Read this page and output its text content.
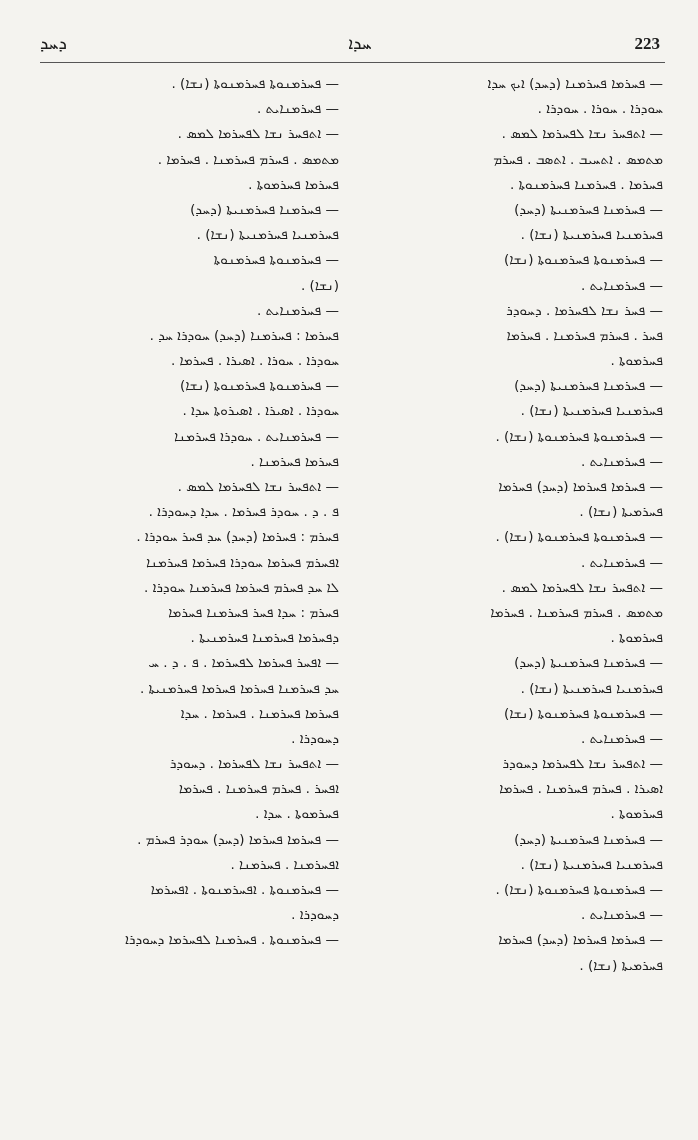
ܕܚܕ	ܚܕܐ	223
— ܦܚܪܡܐ ܦܚܪܡܢܐ (ܕܚܕ) ܐܝܟ ܚܕܐ
ܚܘܕܪܐ . ܚܘܪܐ . ܚܘܕܪܐ .
— ܐܬܦܚܪ ܢܫܐ ܠܦܚܪܡܐ ܠܡܣ .
ܡܬܡܣ . ܐܬܚܝܒ . ܐܬܣܒ . ܦܚܪܡ
ܦܚܪܡܐ . ܦܚܪܡܢܐ ܦܚܪܡܢܘܬܐ .
— ܦܚܪܡܢܐ ܦܚܪܡܢܝܬܐ (ܕܚܕ)
ܦܚܪܡܢܝܐ ܦܚܪܡܢܝܬܐ (ܢܫܐ) .
— ܦܚܪܡܢܘܬܐ ܦܚܪܡܢܘܬܐ (ܢܫܐ)
— ܦܚܪܡܢܐܝܬ .
— ܦܚܪ ܢܫܐ ܠܦܚܪܡܐ . ܕܚܘܕܪ
ܦܚܪ . ܦܚܪܡ ܦܚܪܡܢܐ . ܦܚܪܡܐ
ܦܚܪܡܘܬܐ .
— ܦܚܪܡܢܐ ܦܚܪܡܢܝܬܐ (ܕܚܕ)
ܦܚܪܡܢܝܐ ܦܚܪܡܢܝܬܐ (ܢܫܐ) .
— ܦܚܪܡܢܘܬܐ ܦܚܪܡܢܘܬܐ (ܢܫܐ) .
— ܦܚܪܡܢܐܝܬ .
— ܦܚܪܡܐ ܦܚܪܡܐ (ܕܚܕ) ܦܚܪܡܐ
ܦܚܪܡܝܬܐ (ܢܫܐ) .
— ܦܚܪܡܢܘܬܐ ܦܚܪܡܢܘܬܐ (ܢܫܐ) .
— ܦܚܪܡܢܐܝܬ .
— ܐܬܦܚܪ ܢܫܐ ܠܦܚܪܡܐ ܠܡܣ .
ܡܬܡܣ . ܦܚܪܡ ܦܚܪܡܢܐ . ܦܚܪܡܐ
ܦܚܪܡܘܬܐ .
— ܦܚܪܡܢܐ ܦܚܪܡܢܝܬܐ (ܕܚܕ)
ܦܚܪܡܢܝܐ ܦܚܪܡܢܝܬܐ (ܢܫܐ) .
— ܦܚܪܡܢܘܬܐ ܦܚܪܡܢܘܬܐ (ܢܫܐ)
— ܦܚܪܡܢܐܝܬ .
— ܐܬܦܚܪ ܢܫܐ ܠܦܚܪܡܐ ܕܚܘܕܪ
ܐܣܝܪܐ . ܦܚܪܡ ܦܚܪܡܢܐ . ܦܚܪܡܐ
ܦܚܪܡܘܬܐ .
— ܦܚܪܡܢܐ ܦܚܪܡܢܝܬܐ (ܕܚܕ)
ܦܚܪܡܢܝܐ ܦܚܪܡܢܝܬܐ (ܢܫܐ) .
— ܦܚܪܡܢܘܬܐ ܦܚܪܡܢܘܬܐ (ܢܫܐ) .
— ܦܚܪܡܢܐܝܬ .
— ܦܚܪܡܐ ܦܚܪܡܐ (ܕܚܕ) ܦܚܪܡܐ
ܦܚܪܡܝܬܐ (ܢܫܐ) .
— ܦܚܪܡܢܘܬܐ ܦܚܪܡܢܘܬܐ (ܢܫܐ) .
— ܦܚܪܡܢܐܝܬ .
— ܐܬܦܚܪ ܢܫܐ ܠܦܚܪܡܐ ܠܡܣ .
ܡܬܡܣ . ܦܚܪܡ ܦܚܪܡܢܐ . ܦܚܪܡܐ .
ܦܚܪܡܐ ܦܚܪܡܘܬܐ .
— ܦܚܪܡܢܐ ܦܚܪܡܢܝܬܐ (ܕܚܕ)
ܦܚܪܡܢܝܐ ܦܚܪܡܢܝܬܐ (ܢܫܐ) .
— ܦܚܪܡܢܘܬܐ ܦܚܪܡܢܘܬܐ
(ܢܫܐ) .
— ܦܚܪܡܢܐܝܬ .
ܦܚܪܡܐ : ܦܚܪܡܢܐ (ܕܚܕ) ܚܘܕܪܐ ܚܕ .
ܚܘܕܪܐ . ܚܘܪܐ . ܐܣܝܪܐ . ܦܚܪܡܐ .
— ܦܚܪܡܢܘܬܐ ܦܚܪܡܢܘܬܐ (ܢܫܐ)
ܚܘܕܪܐ . ܐܣܝܪܐ . ܐܣܝܪܘܬܐ ܚܕܐ .
— ܦܚܪܡܢܐܝܬ . ܚܘܕܪܐ ܦܚܪܡܢܐ
ܦܚܪܡܐ ܦܚܪܡܢܐ .
— ܐܬܦܚܪ ܢܫܐ ܠܦܚܪܡܐ ܠܡܣ .
ܦ . ܕ . ܚܘܕܪ ܦܚܪܡܐ . ܚܕܐ ܕܚܘܕܪܐ .
ܦܚܪܡ : ܦܚܪܡܐ (ܕܚܕ) ܚܕ ܦܚܪ ܚܘܕܪܐ .
ܐܦܚܪܡ ܦܚܪܡܐ ܚܘܕܪܐ ܦܚܪܡܐ ܦܚܪܡܢܐ
ܠܐ ܚܕ ܦܚܪܡ ܦܚܪܡܐ ܦܚܪܡܢܐ ܚܘܕܪܐ .
ܦܚܪܡ : ܚܕܐ ܦܚܪ ܦܚܪܡܢܐ ܦܚܪܡܐ
ܕܦܚܪܡܐ ܦܚܪܡܢܐ ܦܚܪܡܢܝܬܐ .
— ܐܦܚܪ ܦܚܪܡܐ ܠܦܚܪܡܐ . ܦ . ܕ . ܚ
ܚܕ ܦܚܪܡܢܐ ܦܚܪܡܐ ܦܚܪܡܐ ܦܚܪܡܢܝܬܐ .
ܦܚܪܡܐ ܦܚܪܡܢܐ . ܦܚܪܡܐ . ܚܕܐ
ܕܚܘܕܪܐ .
— ܐܬܦܚܪ ܢܫܐ ܠܦܚܪܡܐ . ܕܚܘܕܪ
ܐܦܚܪ . ܦܚܪܡ ܦܚܪܡܢܐ . ܦܚܪܡܐ
ܦܚܪܡܘܬܐ . ܚܕܐ .
— ܦܚܪܡܐ ܦܚܪܡܐ (ܕܚܕ) ܚܘܕܪ ܦܚܪܡ .
ܐܦܚܪܡܢܐ . ܦܚܪܡܢܐ .
— ܦܚܪܡܢܘܬܐ . ܐܦܚܪܡܢܘܬܐ . ܐܦܚܪܡܐ
ܕܚܘܕܪܐ .
— ܦܚܪܡܢܘܬܐ . ܦܚܪܡܢܐ ܠܦܚܪܡܐ ܕܚܘܕܪܐ
